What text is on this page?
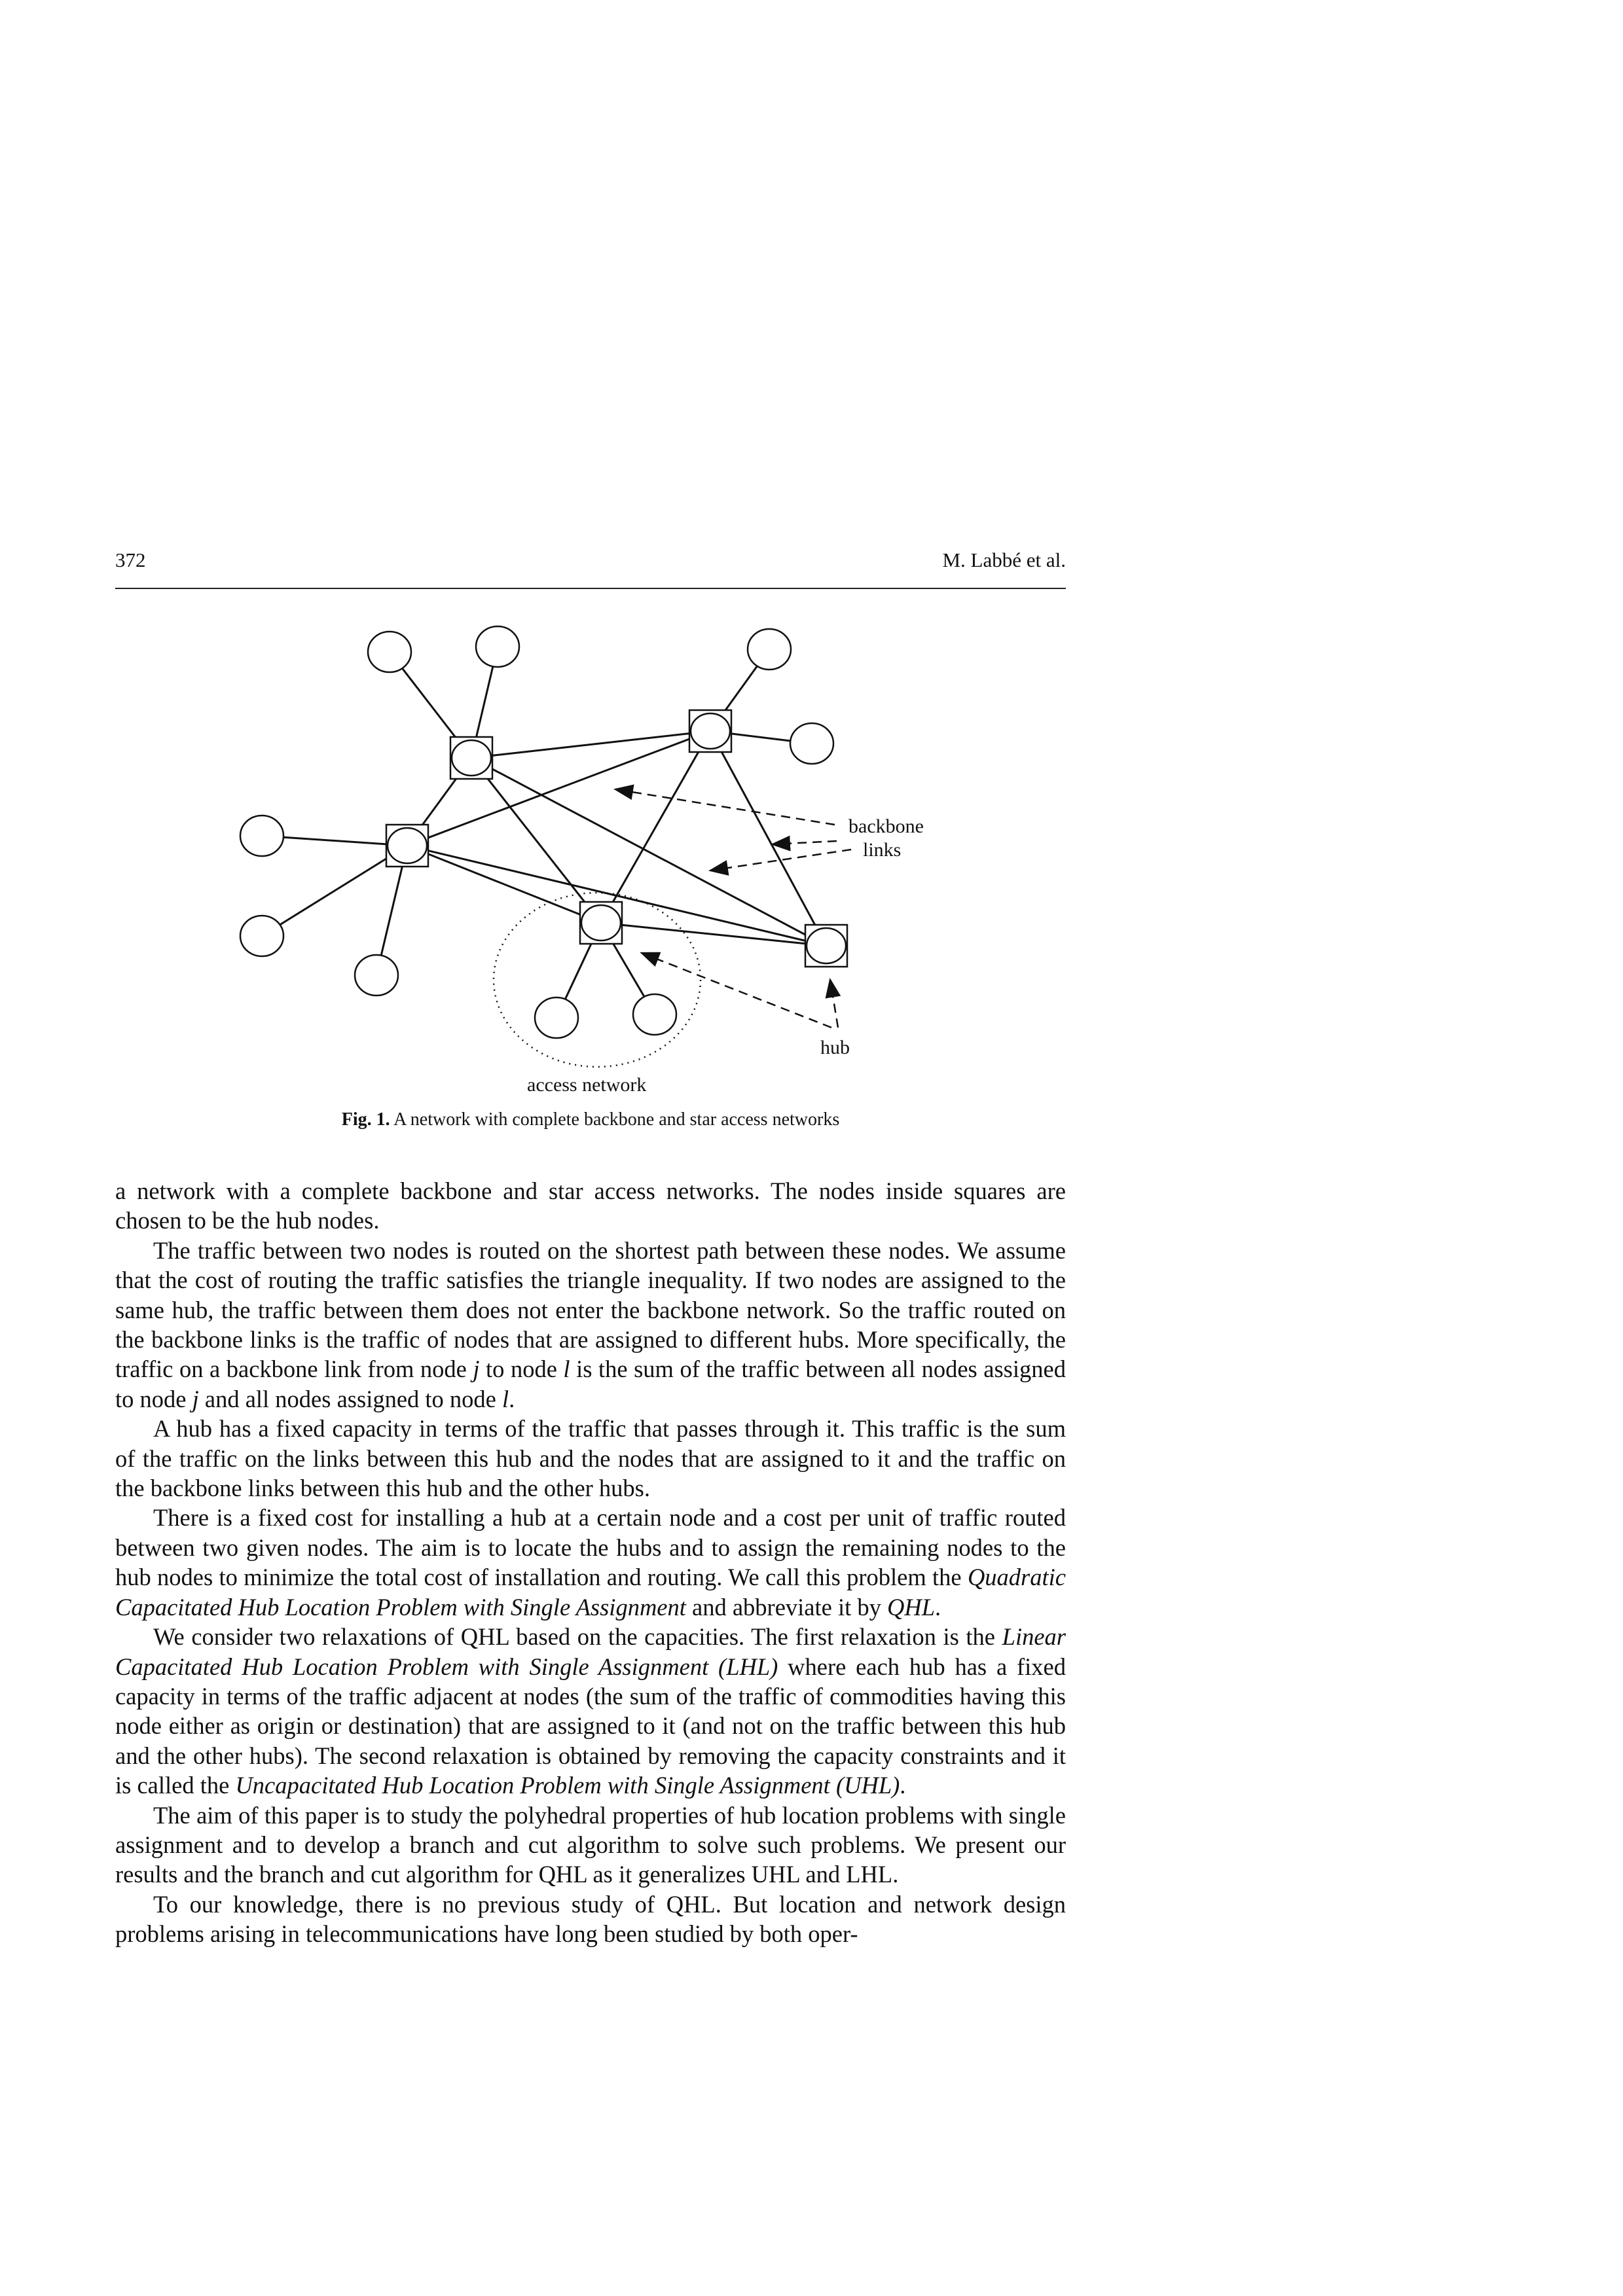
372	M. Labbé et al.
backbone
links
hub
access network
Fig. 1. A network with complete backbone and star access networks

a network with a complete backbone and star access networks. The nodes inside squares are chosen to be the hub nodes.

The traffic between two nodes is routed on the shortest path between these nodes. We assume that the cost of routing the traffic satisfies the triangle inequality. If two nodes are assigned to the same hub, the traffic between them does not enter the backbone network. So the traffic routed on the backbone links is the traffic of nodes that are assigned to different hubs. More specifically, the traffic on a backbone link from node j to node l is the sum of the traffic between all nodes assigned to node j and all nodes assigned to node l.

A hub has a fixed capacity in terms of the traffic that passes through it. This traffic is the sum of the traffic on the links between this hub and the nodes that are assigned to it and the traffic on the backbone links between this hub and the other hubs.

There is a fixed cost for installing a hub at a certain node and a cost per unit of traffic routed between two given nodes. The aim is to locate the hubs and to assign the remaining nodes to the hub nodes to minimize the total cost of installation and routing. We call this problem the Quadratic Capacitated Hub Location Problem with Single Assignment and abbreviate it by QHL.

We consider two relaxations of QHL based on the capacities. The first relaxation is the Linear Capacitated Hub Location Problem with Single Assignment (LHL) where each hub has a fixed capacity in terms of the traffic adjacent at nodes (the sum of the traffic of commodities having this node either as origin or destination) that are assigned to it (and not on the traffic between this hub and the other hubs). The second relaxation is obtained by removing the capacity constraints and it is called the Uncapacitated Hub Location Problem with Single Assignment (UHL).

The aim of this paper is to study the polyhedral properties of hub location problems with single assignment and to develop a branch and cut algorithm to solve such problems. We present our results and the branch and cut algorithm for QHL as it generalizes UHL and LHL.

To our knowledge, there is no previous study of QHL. But location and network design problems arising in telecommunications have long been studied by both oper-
